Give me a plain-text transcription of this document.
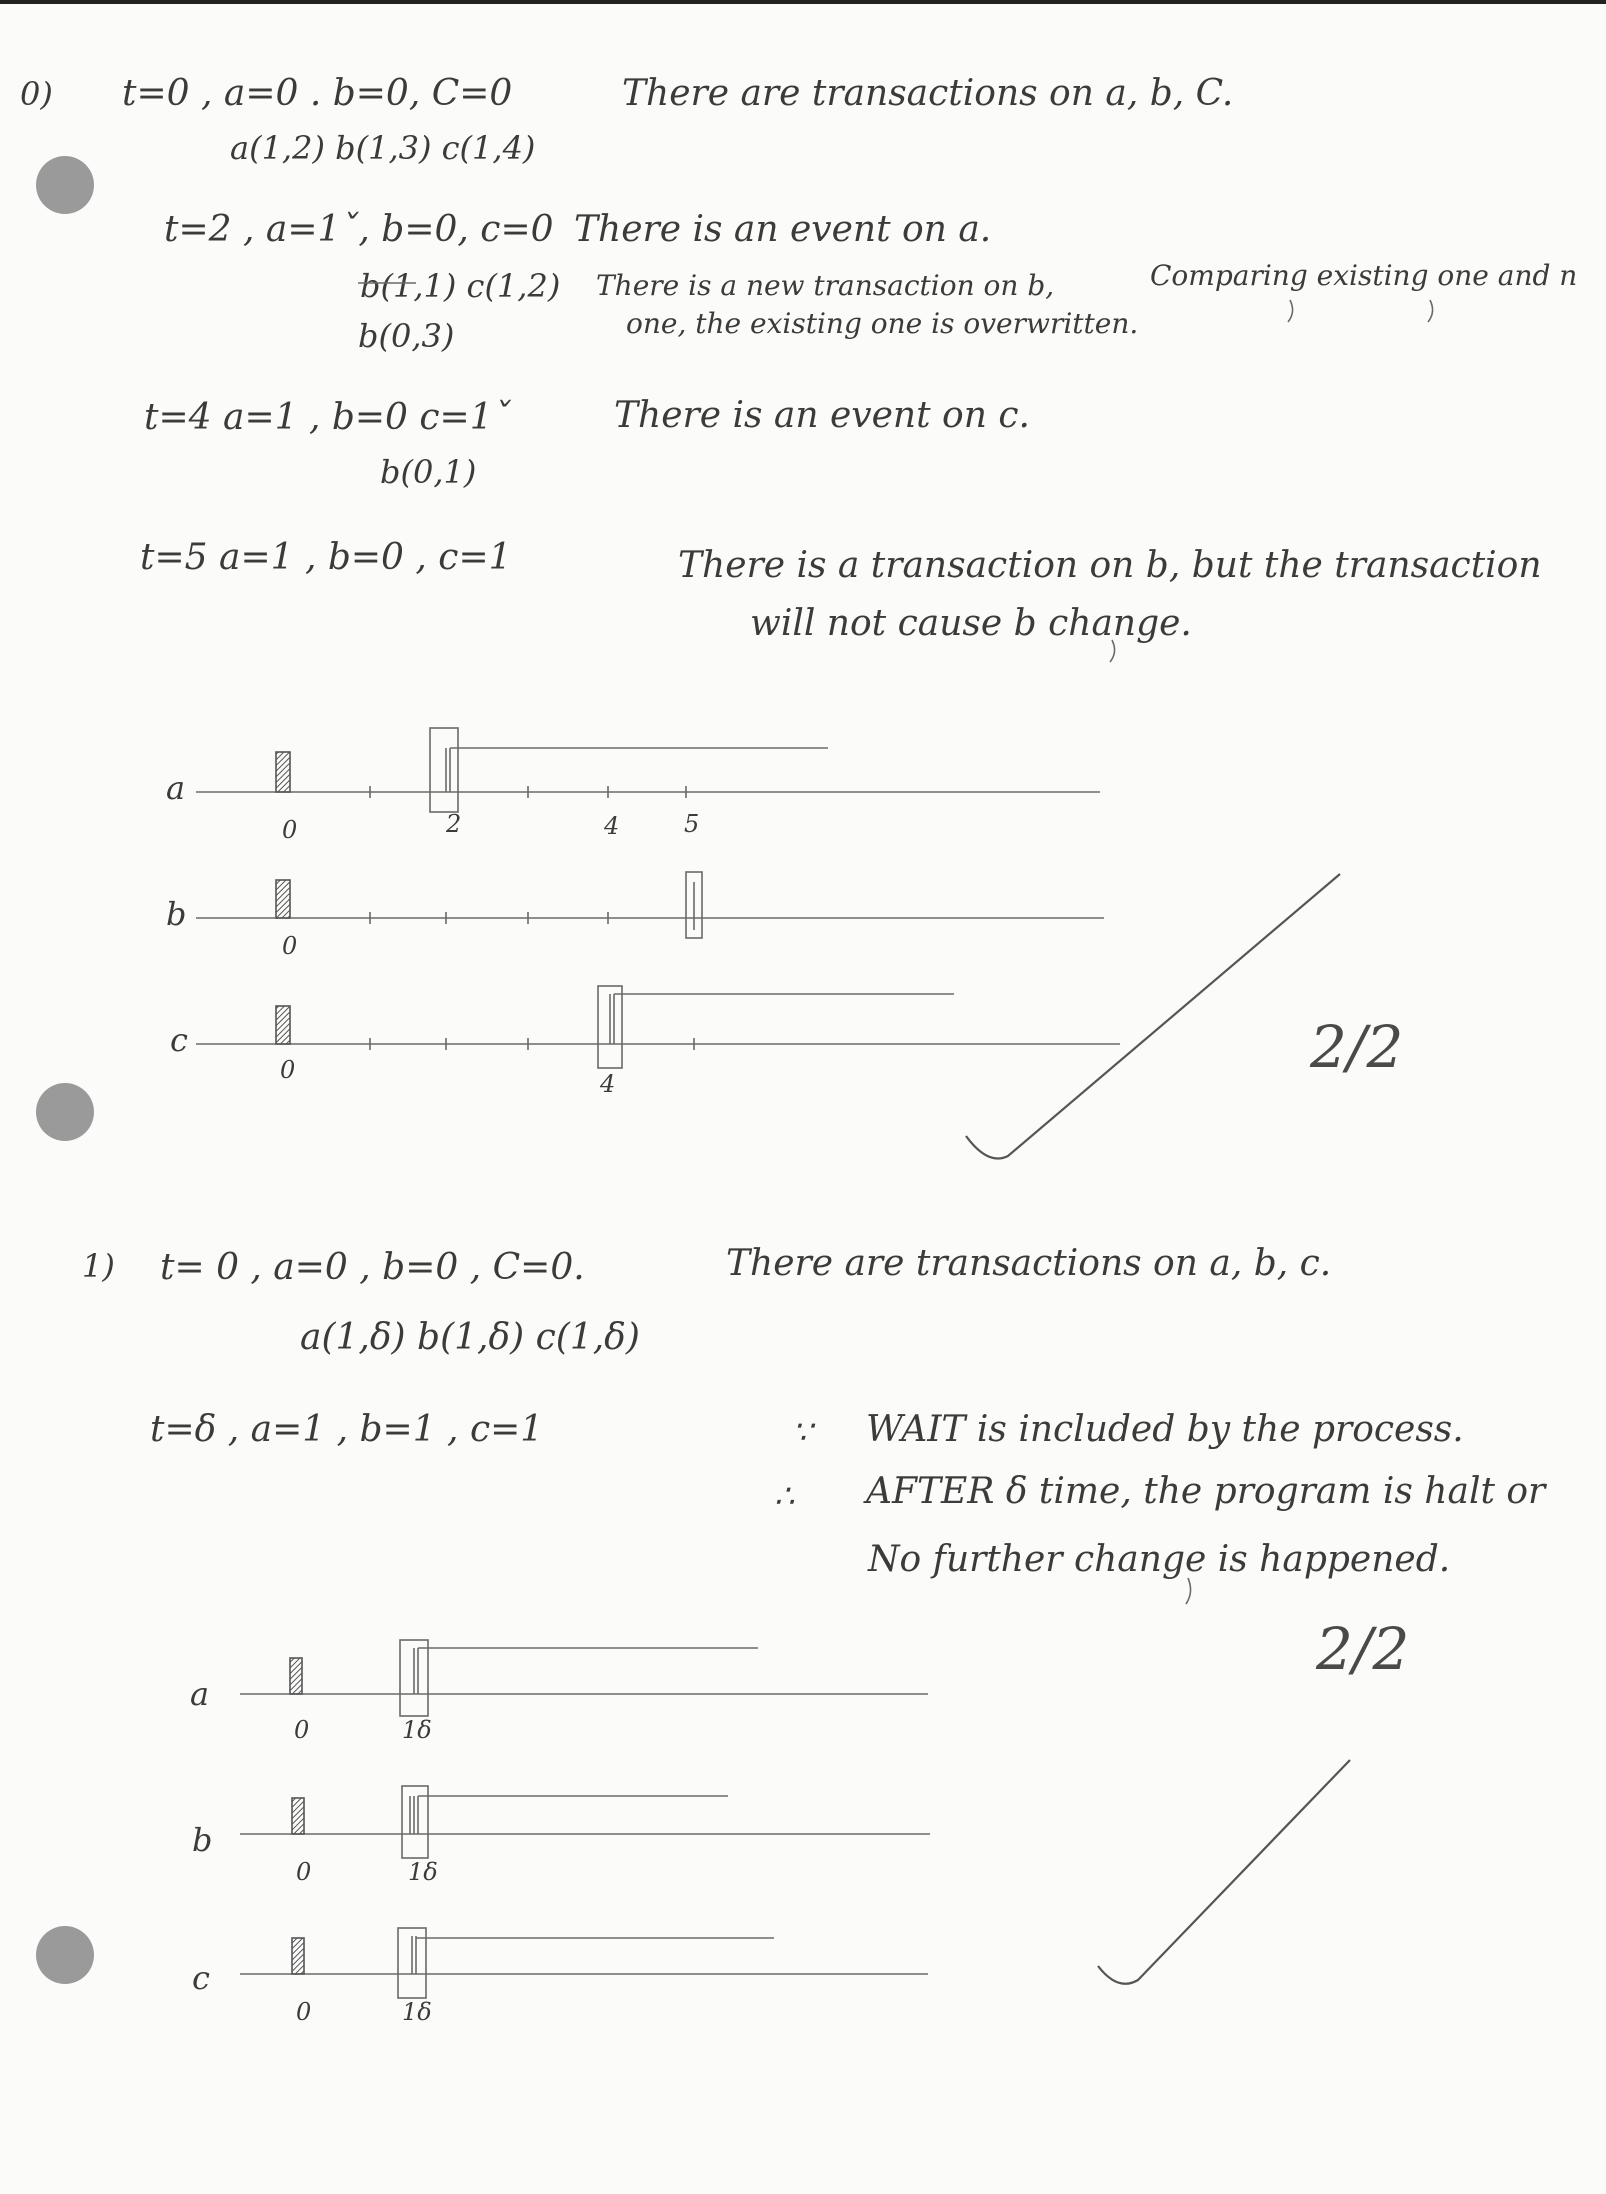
0) t=0 , a=0 . b=0, C=0	There are transactions on a, b, C.
a(1,2) b(1,3) c(1,4)
t=2 , a=1ˇ, b=0, c=0 There is an event on a.
b(1,1) c(1,2) There is a new transaction on b,	Comparing existing one and n
b(0,3)	one, the existing one is overwritten.
t=4 a=1 , b=0 c=1ˇ	There is an event on c.
b(0,1)
t=5 a=1 , b=0 , c=1	There is a transaction on b, but the transaction
will not cause b change.
a
b
c
0	2	4	5
0
0	4
2/2
1) t= 0 , a=0 , b=0 , C=0.	There are transactions on a, b, c.
a(1,δ) b(1,δ) c(1,δ)
t=δ , a=1 , b=1 , c=1	∵ WAIT is included by the process.
∴ AFTER δ time, the program is halt or
No further change is happened.
a
b
c
0	1δ
0	1δ
0	1δ
2/2
